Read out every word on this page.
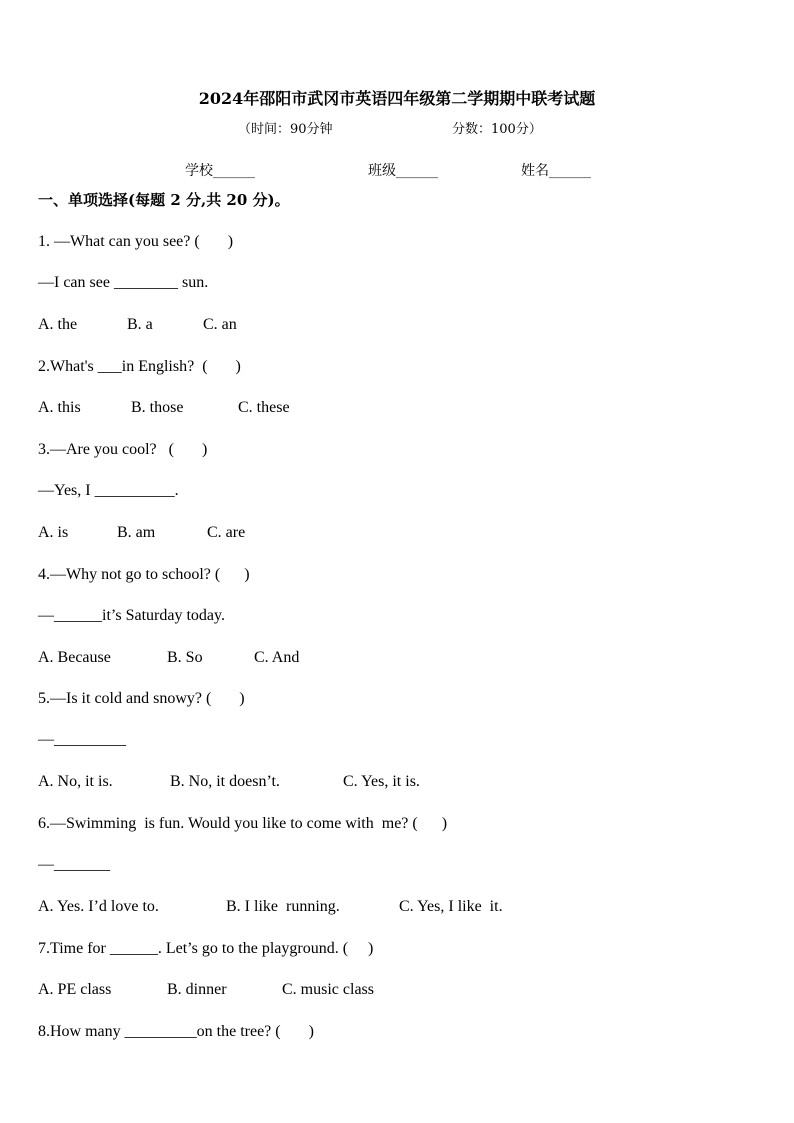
2024年邵阳市武冈市英语四年级第二学期期中联考试题
（时间：90分钟	分数：100分）
学校______	班级______	姓名______
一、单项选择(每题 2 分,共 20 分)。
1. —What can you see? (       )
—I can see ________ sun.
A. the	B. a	C. an
2.What's ___in English?  (       )
A. this	B. those	C. these
3.—Are you cool?   (       )
—Yes, I __________.
A. is	B. am	C. are
4.—Why not go to school? (      )
—______it’s Saturday today.
A. Because	B. So	C. And
5.—Is it cold and snowy? (       )
—_________
A. No, it is.	B. No, it doesn’t.	C. Yes, it is.
6.—Swimming  is fun. Would you like to come with  me? (      )
—_______
A. Yes. I’d love to.	B. I like  running.	C. Yes, I like  it.
7.Time for ______. Let’s go to the playground. (     )
A. PE class	B. dinner	C. music class
8.How many _________on the tree? (       )
